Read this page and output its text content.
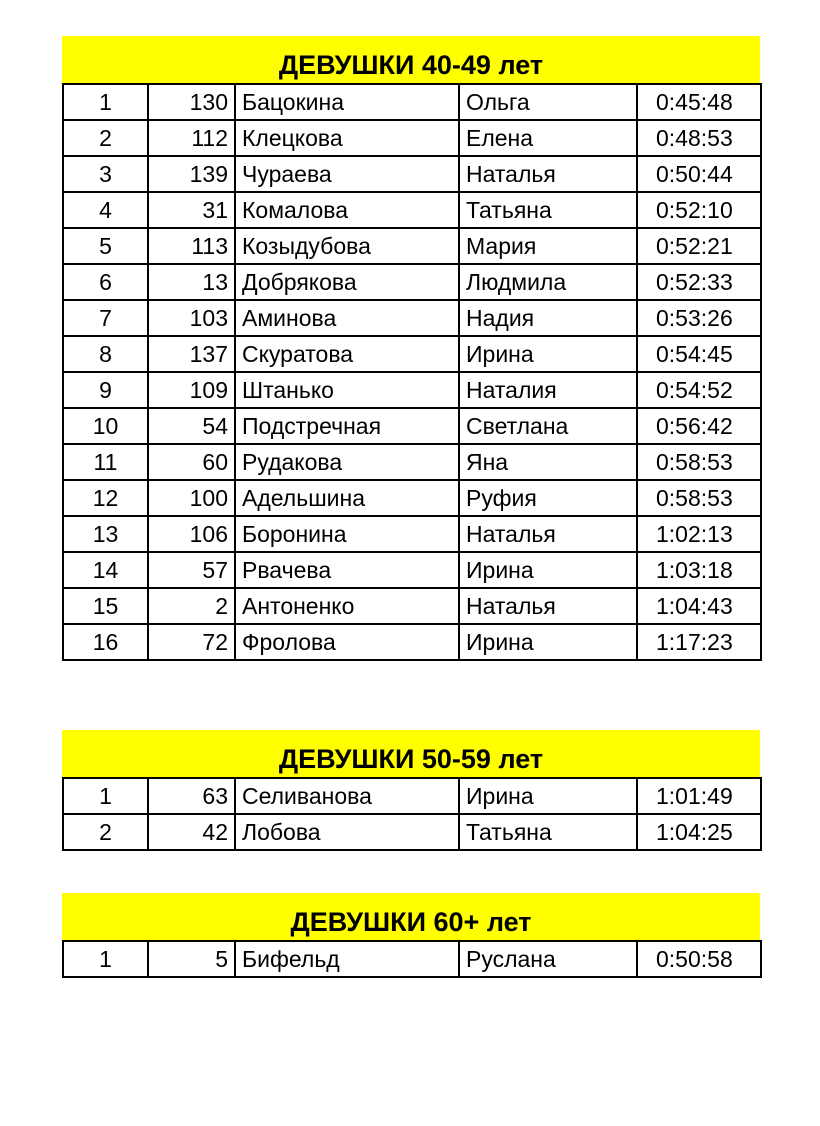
ДЕВУШКИ 40-49 лет
1	130	Бацокина	Ольга	0:45:48
2	112	Клецкова	Елена	0:48:53
3	139	Чураева	Наталья	0:50:44
4	31	Комалова	Татьяна	0:52:10
5	113	Козыдубова	Мария	0:52:21
6	13	Добрякова	Людмила	0:52:33
7	103	Аминова	Надия	0:53:26
8	137	Скуратова	Ирина	0:54:45
9	109	Штанько	Наталия	0:54:52
10	54	Подстречная	Светлана	0:56:42
11	60	Рудакова	Яна	0:58:53
12	100	Адельшина	Руфия	0:58:53
13	106	Боронина	Наталья	1:02:13
14	57	Рвачева	Ирина	1:03:18
15	2	Антоненко	Наталья	1:04:43
16	72	Фролова	Ирина	1:17:23
ДЕВУШКИ 50-59 лет
1	63	Селиванова	Ирина	1:01:49
2	42	Лобова	Татьяна	1:04:25
ДЕВУШКИ 60+ лет
1	5	Бифельд	Руслана	0:50:58
